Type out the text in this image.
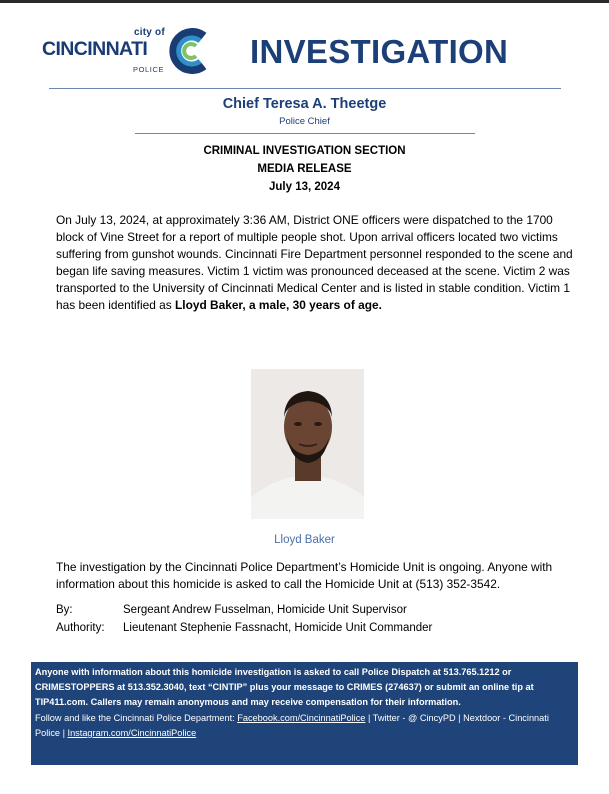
city of
CINCINNATI
POLICE	INVESTIGATION
Chief Teresa A. Theetge
Police Chief
CRIMINAL INVESTIGATION SECTION
MEDIA RELEASE
July 13, 2024
On July 13, 2024, at approximately 3:36 AM, District ONE officers were dispatched to the 1700 block of Vine Street for a report of multiple people shot. Upon arrival officers located two victims suffering from gunshot wounds. Cincinnati Fire Department personnel responded to the scene and began life saving measures. Victim 1 victim was pronounced deceased at the scene. Victim 2 was transported to the University of Cincinnati Medical Center and is listed in stable condition. Victim 1 has been identified as Lloyd Baker, a male, 30 years of age.
Lloyd Baker
The investigation by the Cincinnati Police Department’s Homicide Unit is ongoing. Anyone with information about this homicide is asked to call the Homicide Unit at (513) 352-3542.
By:	Sergeant Andrew Fusselman, Homicide Unit Supervisor
Authority: Lieutenant Stephenie Fassnacht, Homicide Unit Commander
Anyone with information about this homicide investigation is asked to call Police Dispatch at 513.765.1212 or CRIMESTOPPERS at 513.352.3040, text “CINTIP” plus your message to CRIMES (274637) or submit an online tip at TIP411.com. Callers may remain anonymous and may receive compensation for their information.
Follow and like the Cincinnati Police Department: Facebook.com/CincinnatiPolice | Twitter - @ CincyPD | Nextdoor - Cincinnati Police | Instagram.com/CincinnatiPolice
